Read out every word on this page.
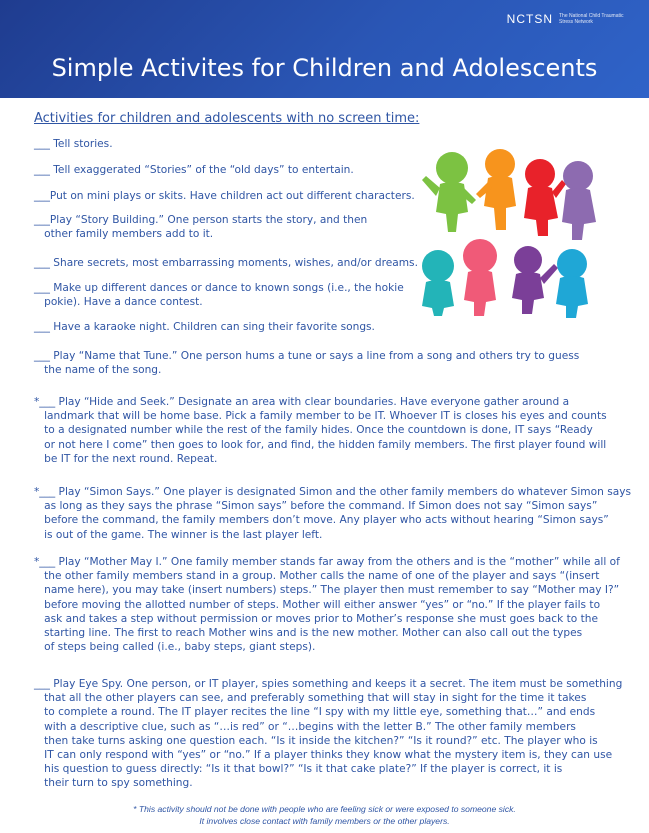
NCTSN The National Child Traumatic Stress Network
Simple Activites for Children and Adolescents
Activities for children and adolescents with no screen time:
___ Tell stories.
___ Tell exaggerated “Stories” of the “old days” to entertain.
___Put on mini plays or skits. Have children act out different characters.
___Play “Story Building.” One person starts the story, and then
other family members add to it.
___ Share secrets, most embarrassing moments, wishes, and/or dreams.
___ Make up different dances or dance to known songs (i.e., the hokie
pokie). Have a dance contest.
___ Have a karaoke night. Children can sing their favorite songs.
___ Play “Name that Tune.” One person hums a tune or says a line from a song and others try to guess
the name of the song.
*___ Play “Hide and Seek.” Designate an area with clear boundaries. Have everyone gather around a
landmark that will be home base. Pick a family member to be IT. Whoever IT is closes his eyes and counts
to a designated number while the rest of the family hides. Once the countdown is done, IT says “Ready
or not here I come” then goes to look for, and find, the hidden family members. The first player found will
be IT for the next round. Repeat.
*___ Play “Simon Says.” One player is designated Simon and the other family members do whatever Simon says
as long as they says the phrase “Simon says” before the command. If Simon does not say “Simon says”
before the command, the family members don’t move. Any player who acts without hearing “Simon says”
is out of the game. The winner is the last player left.
*___ Play “Mother May I.” One family member stands far away from the others and is the “mother” while all of
the other family members stand in a group. Mother calls the name of one of the player and says “(insert
name here), you may take (insert numbers) steps.” The player then must remember to say “Mother may I?”
before moving the allotted number of steps. Mother will either answer “yes” or “no.” If the player fails to
ask and takes a step without permission or moves prior to Mother’s response she must goes back to the
starting line. The first to reach Mother wins and is the new mother. Mother can also call out the types
of steps being called (i.e., baby steps, giant steps).
___ Play Eye Spy. One person, or IT player, spies something and keeps it a secret. The item must be something
that all the other players can see, and preferably something that will stay in sight for the time it takes
to complete a round. The IT player recites the line “I spy with my little eye, something that…” and ends
with a descriptive clue, such as “…is red” or “…begins with the letter B.” The other family members
then take turns asking one question each. “Is it inside the kitchen?” “Is it round?” etc. The player who is
IT can only respond with “yes” or “no.” If a player thinks they know what the mystery item is, they can use
his question to guess directly: “Is it that bowl?” “Is it that cake plate?” If the player is correct, it is
their turn to spy something.
* This activity should not be done with people who are feeling sick or were exposed to someone sick.
It involves close contact with family members or the other players.
